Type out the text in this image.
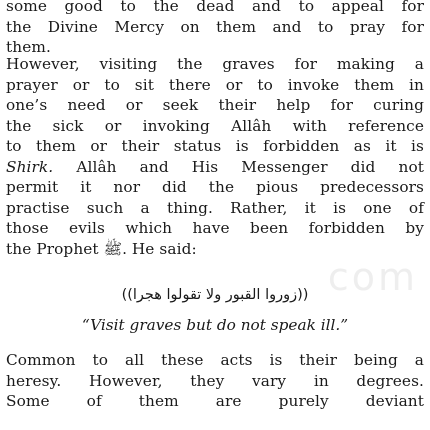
some good to the dead and to appeal for
the Divine Mercy on them and to pray for
them.

However, visiting the graves for making a
prayer or to sit there or to invoke them in
one’s need or seek their help for curing
the sick or invoking Allâh with reference
to them or their status is forbidden as it is
Shirk. Allâh and His Messenger did not
permit it nor did the pious predecessors
practise such a thing. Rather, it is one of
those evils which have been forbidden by
the Prophet ﷺ. He said:

((زوروا القبور ولا تقولوا هجرا))
“Visit graves but do not speak ill.”

Common to all these acts is their being a
heresy. However, they vary in degrees.
Some of them are purely deviant

com
